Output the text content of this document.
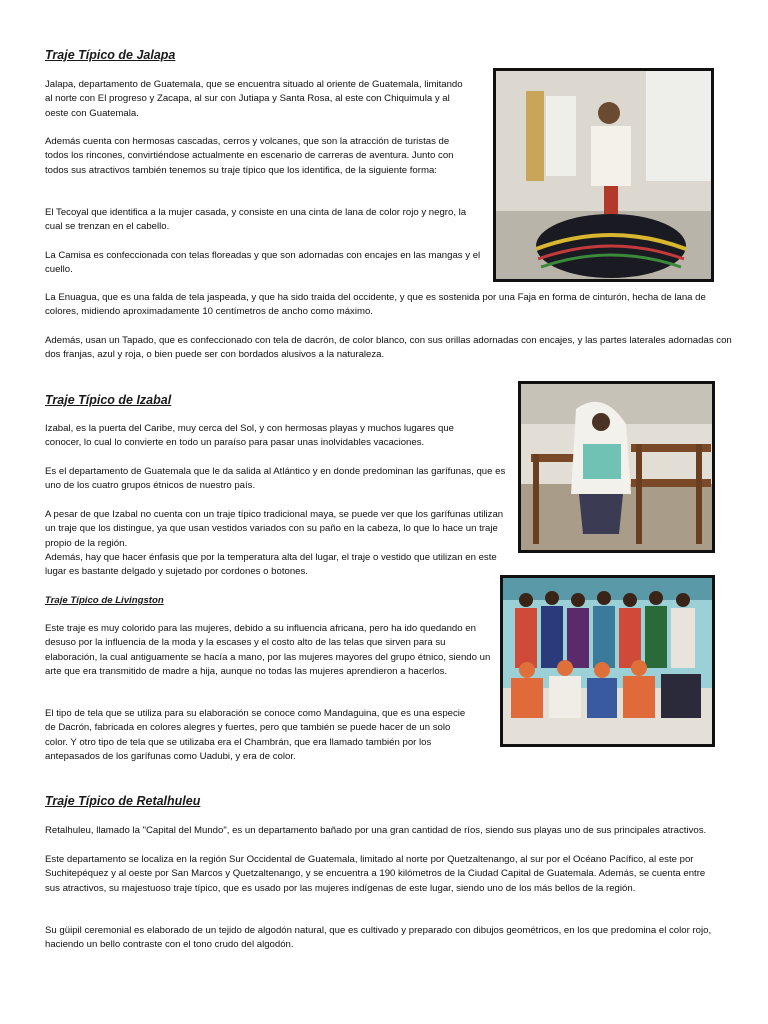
Traje Típico de Jalapa

Jalapa, departamento de Guatemala, que se encuentra situado al oriente de Guatemala, limitando al norte con El progreso y Zacapa, al sur con Jutiapa y Santa Rosa, al este con Chiquimula y al oeste con Guatemala.

Además cuenta con hermosas cascadas, cerros y volcanes, que son la atracción de turistas de todos los rincones, convirtiéndose actualmente en escenario de carreras de aventura. Junto con todos sus atractivos también tenemos su traje típico que los identifica, de la siguiente forma:

El Tecoyal que identifica a la mujer casada, y consiste en una cinta de lana de color rojo y negro, la cual se trenzan en el cabello.

La Camisa es confeccionada con telas floreadas y que son adornadas con encajes en las mangas y el cuello.

La Enuagua, que es una falda de tela jaspeada, y que ha sido traida del occidente, y que es sostenida por una Faja en forma de cinturón, hecha de lana de colores, midiendo aproximadamente 10 centímetros de ancho como máximo.

Además, usan un Tapado, que es confeccionado con tela de dacrón, de color blanco, con sus orillas adornadas con encajes, y las partes laterales adornadas con dos franjas, azul y roja, o bien puede ser con bordados alusivos a la naturaleza.

Traje Típico de Izabal

Izabal, es la puerta del Caribe, muy cerca del Sol, y con hermosas playas y muchos lugares que conocer, lo cual lo convierte en todo un paraíso para pasar unas inolvidables vacaciones.

Es el departamento de Guatemala que le da salida al Atlántico y en donde predominan las garífunas, que es uno de los cuatro grupos étnicos de nuestro país.

A pesar de que Izabal no cuenta con un traje típico tradicional maya, se puede ver que los garífunas utilizan un traje que los distingue, ya que usan vestidos variados con su paño en la cabeza, lo que lo hace un traje propio de la región.

Además, hay que hacer énfasis que por la temperatura alta del lugar, el traje o vestido que utilizan en este lugar es bastante delgado y sujetado por cordones o botones.

Traje Típico de Livingston

Este traje es muy colorido para las mujeres, debido a su influencia africana, pero ha ido quedando en desuso por la influencia de la moda y la escases y el costo alto de las telas que sirven para su elaboración, la cual antiguamente se hacía a mano, por las mujeres mayores del grupo étnico, siendo un arte que era transmitido de madre a hija, aunque no todas las mujeres aprendieron a hacerlos.

El tipo de tela que se utiliza para su elaboración se conoce como Mandaguina, que es una especie de Dacrón, fabricada en colores alegres y fuertes, pero que también se puede hacer de un solo color. Y otro tipo de tela que se utilizaba era el Chambrán, que era llamado también por los antepasados de los garífunas como Uadubi, y era de color.

Traje Típico de Retalhuleu

Retalhuleu, llamado la "Capital del Mundo", es un departamento bañado por una gran cantidad de ríos, siendo sus playas uno de sus principales atractivos.

Este departamento se localiza en la región Sur Occidental de Guatemala, limitado al norte por Quetzaltenango, al sur por el Océano Pacífico, al este por Suchitepéquez y al oeste por San Marcos y Quetzaltenango, y se encuentra a 190 kilómetros de la Ciudad Capital de Guatemala. Además, se cuenta entre sus atractivos, su majestuoso traje típico, que es usado por las mujeres indígenas de este lugar, siendo uno de los más bellos de la región.

Su güipil ceremonial es elaborado de un tejido de algodón natural, que es cultivado y preparado con dibujos geométricos, en los que predomina el color rojo, haciendo un bello contraste con el tono crudo del algodón.
